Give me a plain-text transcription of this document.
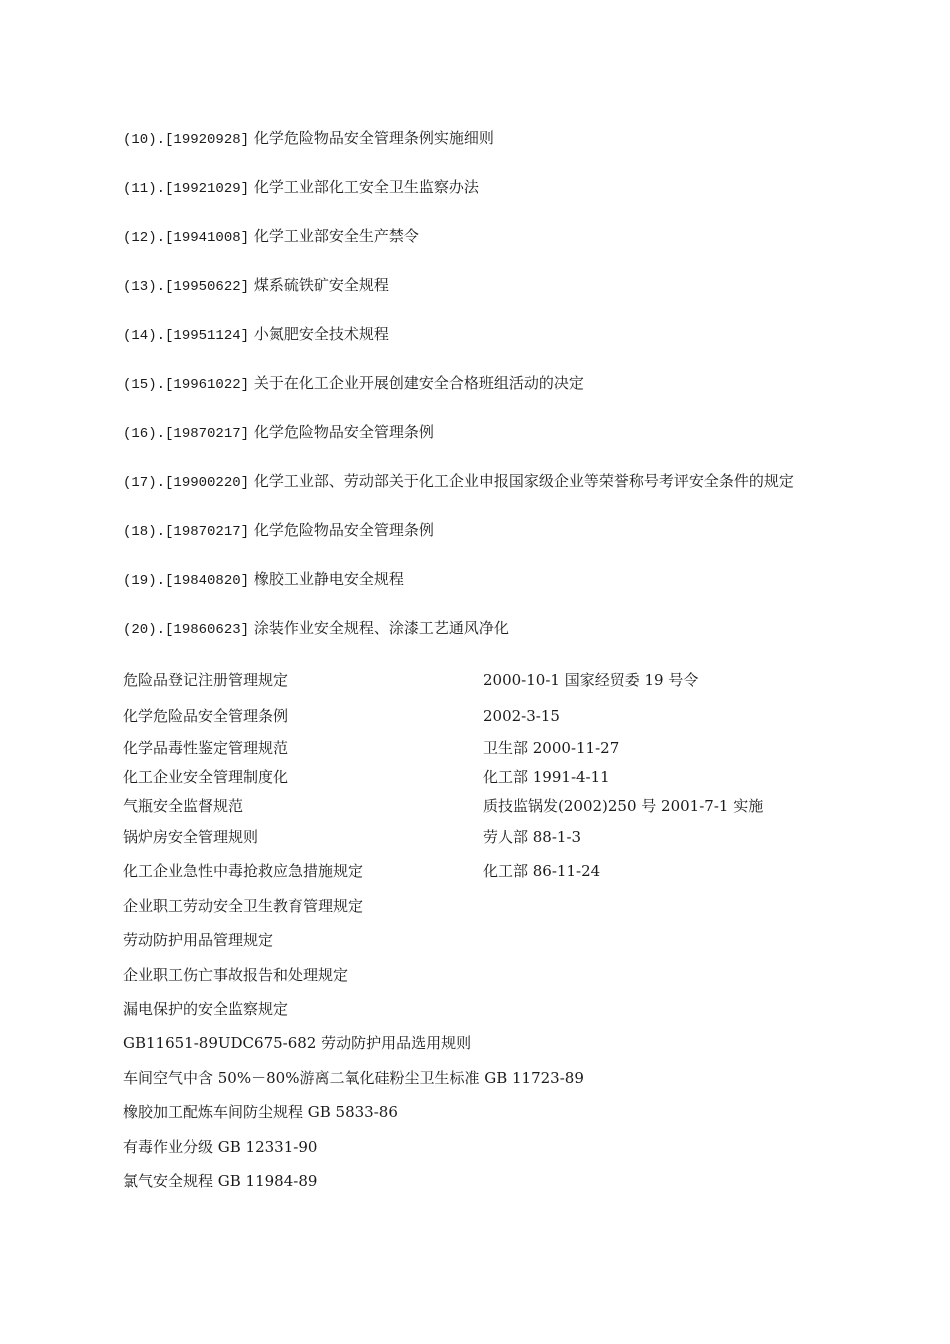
(10).[19920928] 化学危险物品安全管理条例实施细则
(11).[19921029] 化学工业部化工安全卫生监察办法
(12).[19941008] 化学工业部安全生产禁令
(13).[19950622] 煤系硫铁矿安全规程
(14).[19951124] 小氮肥安全技术规程
(15).[19961022] 关于在化工企业开展创建安全合格班组活动的决定
(16).[19870217] 化学危险物品安全管理条例
(17).[19900220] 化学工业部、劳动部关于化工企业申报国家级企业等荣誉称号考评安全条件的规定
(18).[19870217] 化学危险物品安全管理条例
(19).[19840820] 橡胶工业静电安全规程
(20).[19860623] 涂装作业安全规程、涂漆工艺通风净化
危险品登记注册管理规定	2000-10-1 国家经贸委 19 号令
化学危险品安全管理条例	2002-3-15
化学品毒性鉴定管理规范	卫生部 2000-11-27
化工企业安全管理制度化	化工部 1991-4-11
气瓶安全监督规范	质技监锅发(2002)250 号 2001-7-1 实施
锅炉房安全管理规则	劳人部 88-1-3
化工企业急性中毒抢救应急措施规定	化工部 86-11-24
企业职工劳动安全卫生教育管理规定
劳动防护用品管理规定
企业职工伤亡事故报告和处理规定
漏电保护的安全监察规定
GB11651-89UDC675-682 劳动防护用品选用规则
车间空气中含 50%－80%游离二氧化硅粉尘卫生标准 GB 11723-89
橡胶加工配炼车间防尘规程 GB 5833-86
有毒作业分级 GB 12331-90
氯气安全规程 GB 11984-89
